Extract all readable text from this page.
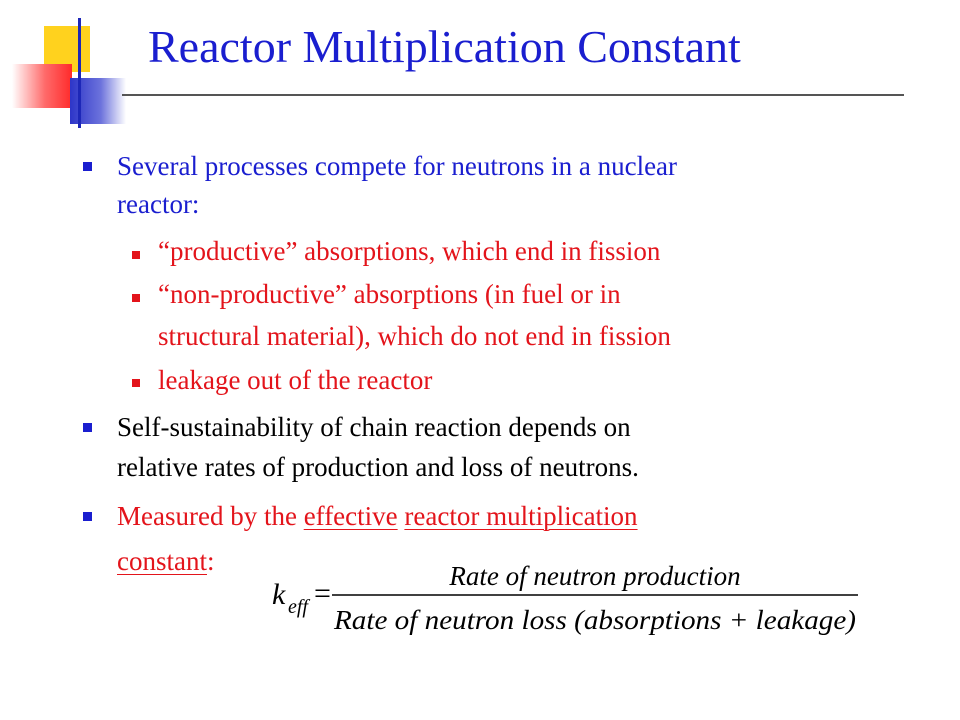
Reactor Multiplication Constant
Several processes compete for neutrons in a nuclear
reactor:
“productive” absorptions, which end in fission
“non-productive” absorptions (in fuel or in
structural material), which do not end in fission
leakage out of the reactor
Self-sustainability of chain reaction depends on
relative rates of production and loss of neutrons.
Measured by the effective reactor multiplication
constant:
k eff =
Rate of neutron production
Rate of neutron loss (absorptions + leakage)
